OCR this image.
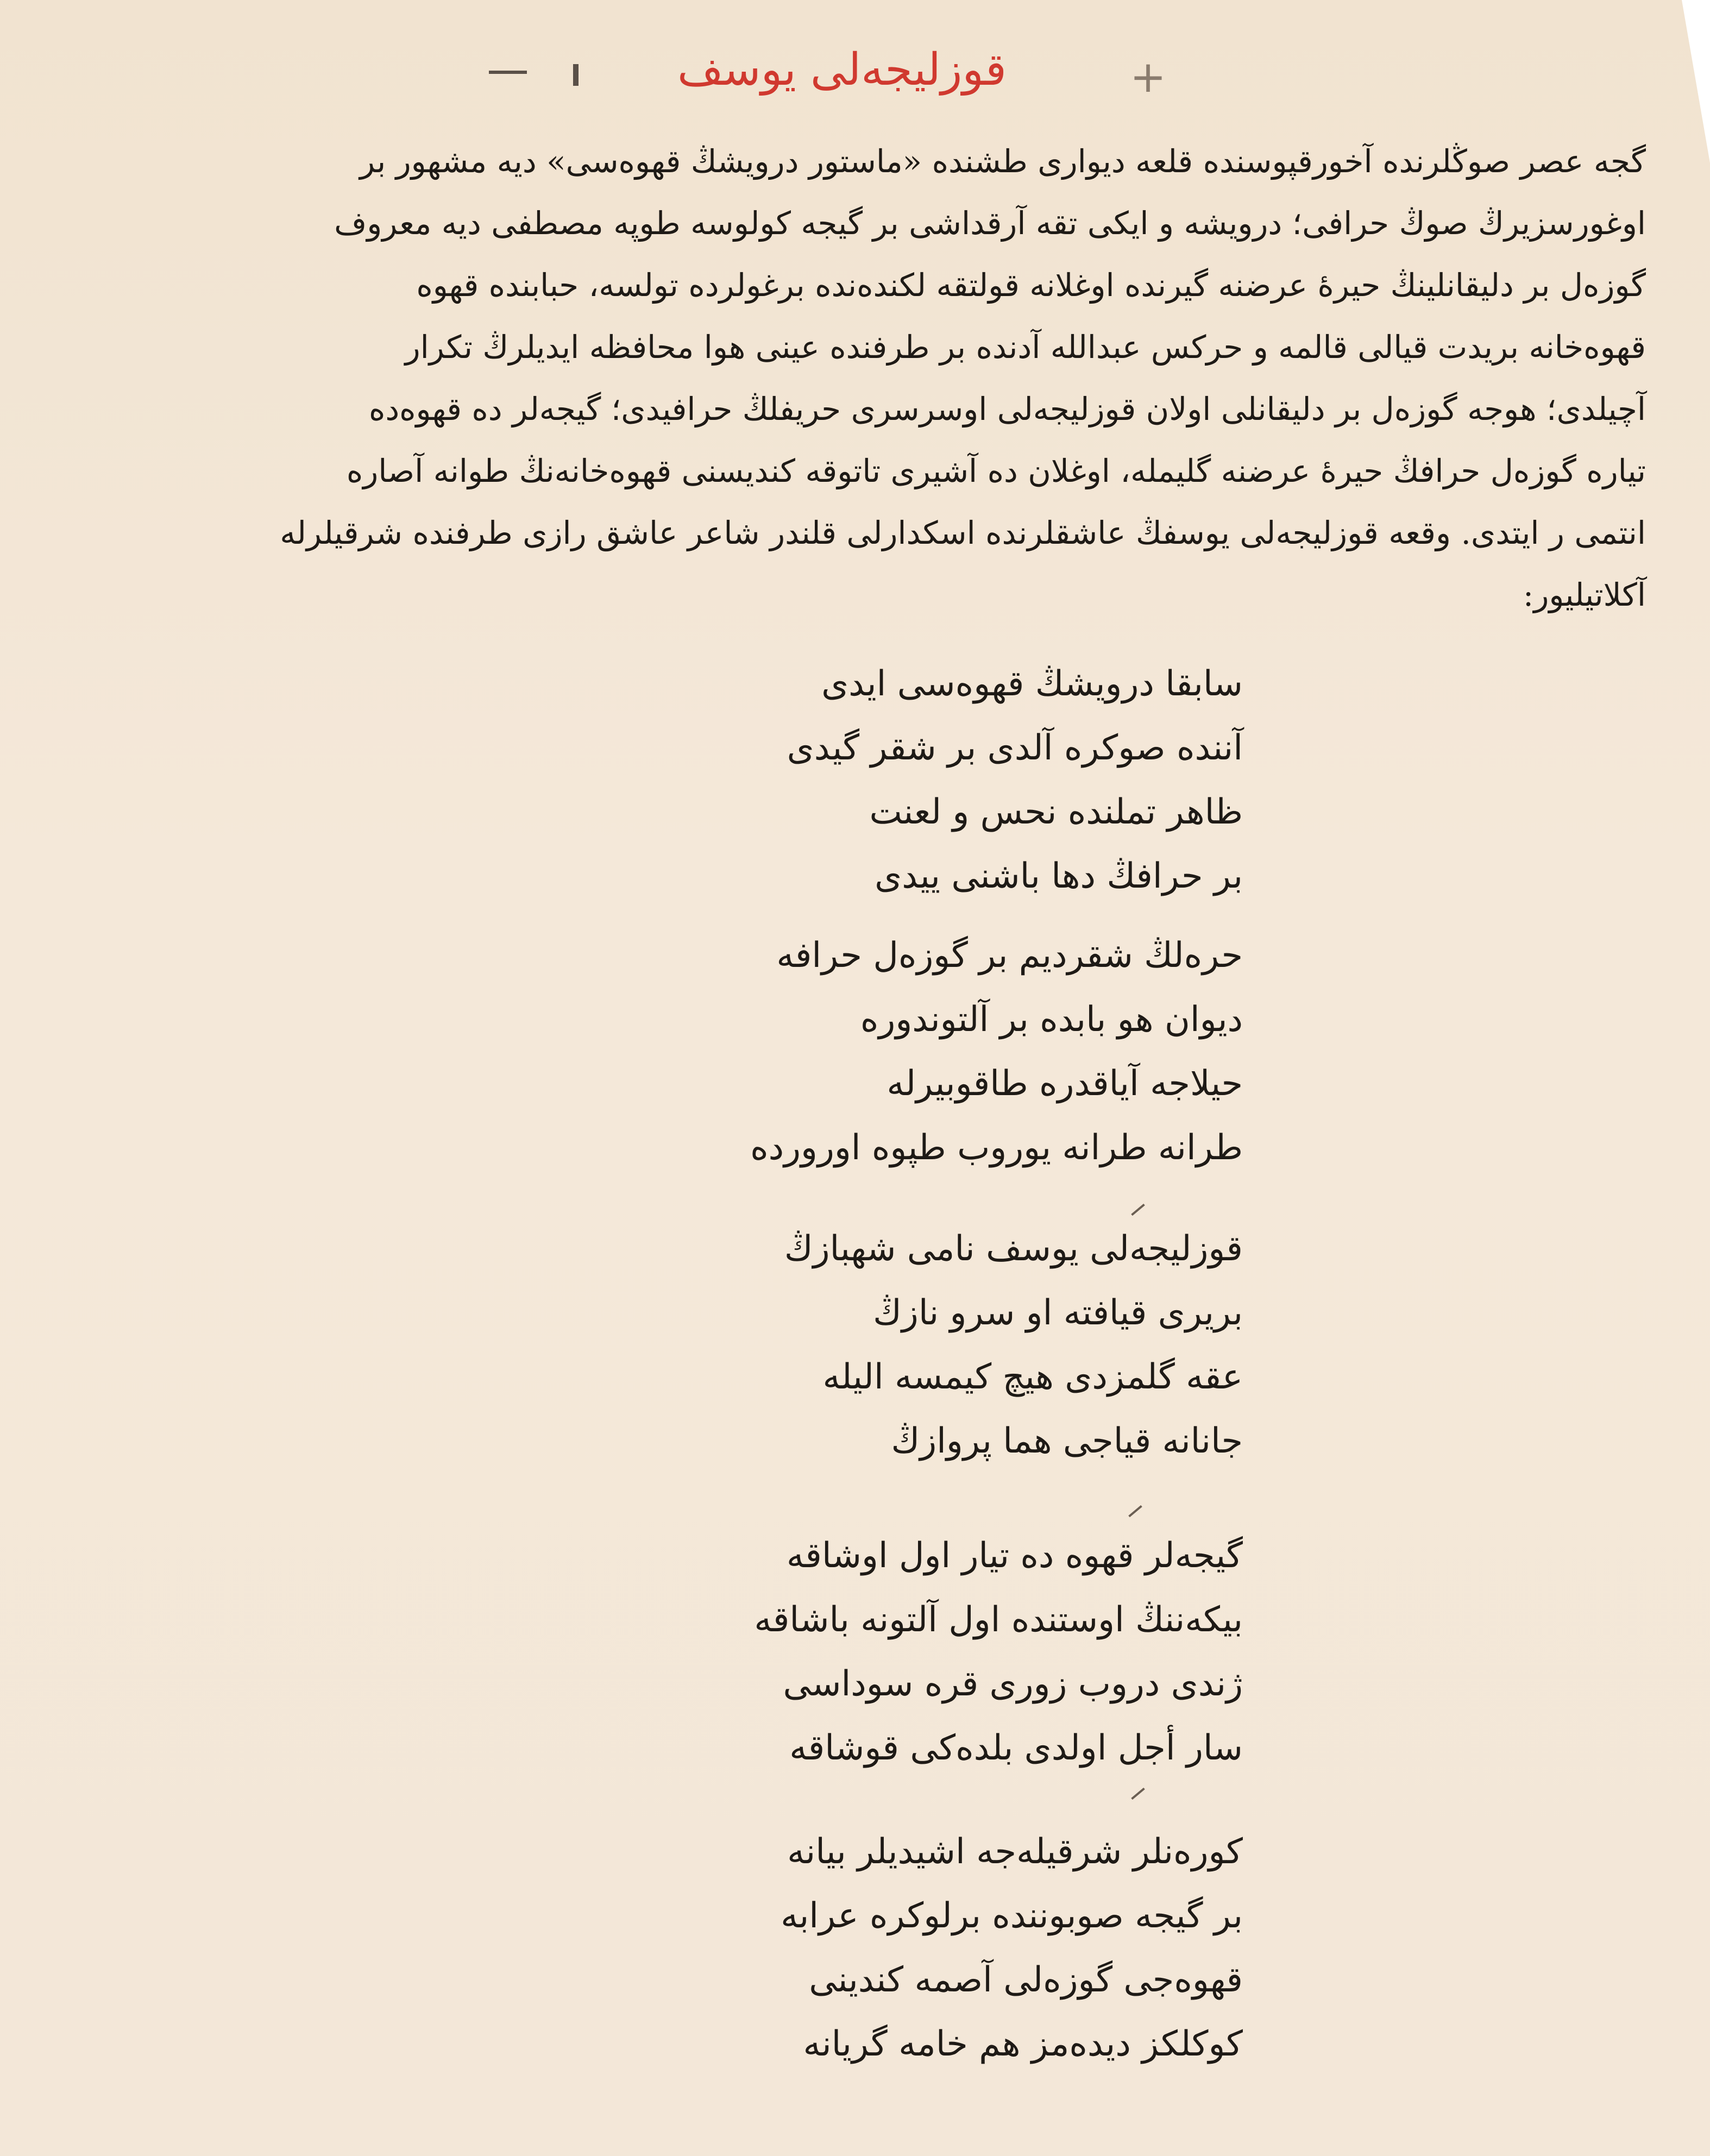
قوزلیجه‌لی یوسف	+

گجه عصر صوڭلرنده آخورقپوسنده قلعه دیواری طشنده «ماستور درویشڭ قهوه‌سی» دیه مشهور بر

اوغورسزیرڭ صوڭ حرافی؛ درویشه و ایکی تقه آرقداشی بر گیجه کولوسه طوپه مصطفی دیه معروف

گوزه‌ل بر دلیقانلینڭ حیرهٔ عرضنه گیرنده اوغلانه قولتقه لكنده‌نده برغولرده تولسه، حبابنده قهوه

قهوه‌خانه بریدت قیالی قالمه و حرکس عبدالله آدنده بر طرفنده عینی هوا محافظه ایدیلرڭ تکرار

آچیلدی؛ هوجه گوزه‌ل بر دلیقانلی اولان قوزلیجه‌لی اوسرسری حریفلڭ حرافیدی؛ گیجه‌لر ده قهوه‌ده

تیاره گوزه‌ل حرافڭ حیرهٔ عرضنه گلیمله، اوغلان ده آشیری تاتوقه کندیسنی قهوه‌خانه‌نڭ طوانه آصاره

انتمی ر ایتدی. وقعه قوزلیجه‌لی یوسفڭ عاشقلرنده اسکدارلی قلندر شاعر عاشق رازی طرفنده شرقیلرله

آکلاتیلیور:

سابقا درویشڭ قهوه‌سی ایدی
آننده صوکره آلدی بر شقر گیدی
ظاهر تملنده نحس و لعنت
بر حرافڭ دها باشنی ییدی
حره‌لڭ شقردیم بر گوزه‌ل حرافه
دیوان هو بابده بر آلتوندوره
حیلاجه آیاقدره طاقوبیرله
طرانه طرانه یوروب طپوه اورورده
قوزلیجه‌لی یوسف نامی شهبازڭ
بریری قیافته او سرو نازڭ
عقه گلمزدی هیچ کیمسه الیله
جانانه قیاجی هما پروازڭ
گیجه‌لر قهوه ده تیار اول اوشاقه
بیکه‌ننڭ اوستنده اول آلتونه باشاقه
ژندی دروب زوری قره سوداسی
سار أجل اولدی بلده‌کی قوشاقه
کوره‌نلر شرقیله‌جه اشیدیلر بیانه
بر گیجه صوبوننده برلوکره عرابه
قهوه‌جی گوزه‌لی آصمه کندینی
کوکلکز دیده‌مز هم خامه گریانه
